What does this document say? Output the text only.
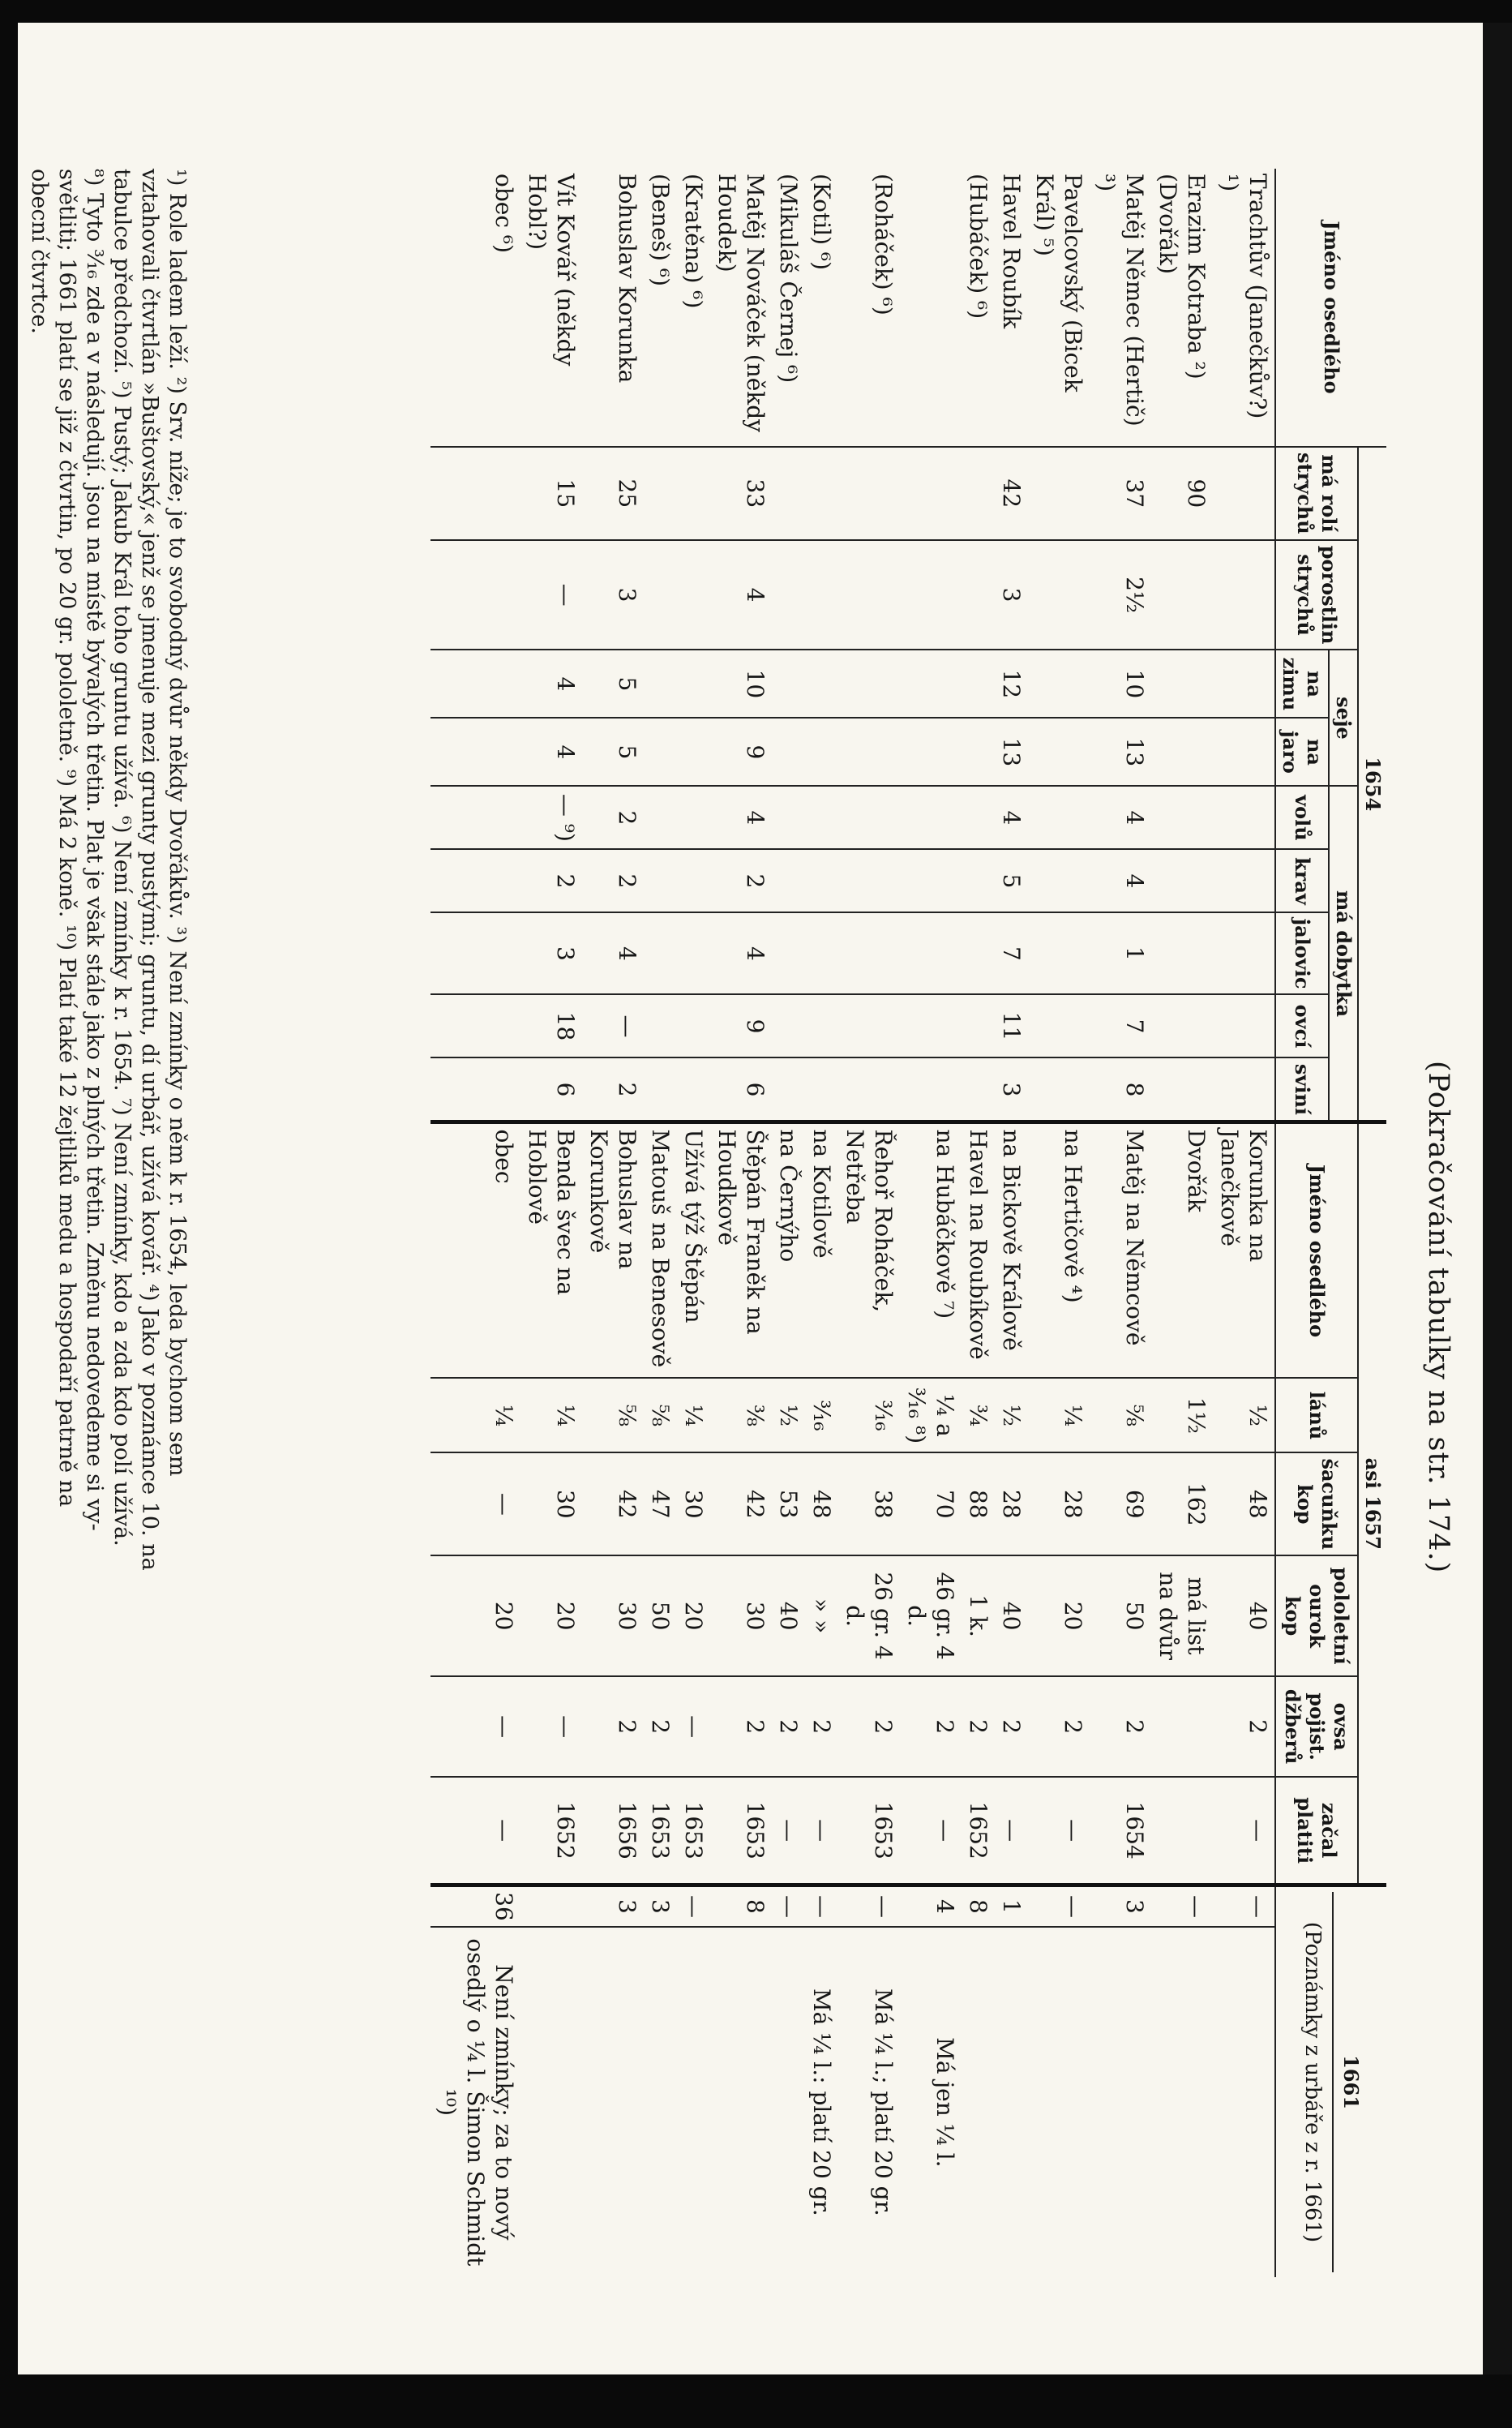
(Pokračování tabulky na str. 174.)
Jméno osedlého	1654									asi 1657						1661
(Poznámky z urbáře z r. 1661)	

	má rolí strychů	porostlin strychů	seje		má dobytka					Jméno osedlého	lánů	šacuňku kop	pololetní ourok kop	ovsa pojist. džberů	začal platiti		
			na zimu	na jaro	volů	krav	jalovic	ovcí	sviní								
Trachtův (Janečkův?) ¹)										Korunka na Janečkově	½	48	40	2	—	—	
Erazim Kotraba ²) (Dvořák)	90									Dvořák	1½	162	má list na dvůr			—	
Matěj Němec (Hertič) ³)	37	2½	10	13	4	4	1	7	8	Matěj na Němcově	⅝	69	50	2	1654	3	
Pavelcovský (Bicek Král) ⁵)										na Hertičově ⁴)	¼	28	20	2	—	—	
Havel Roubík	42	3	12	13	4	5	7	11	3	na Bickově Králově	½	28	40	2	—	1	
(Hubáček) ⁶)										Havel na Roubíkově	¾	88	1 k.	2	1652	8	
										na Hubáčkově ⁷)	¼ a ³⁄₁₆ ⁸)	70	46 gr. 4 d.	2	—	4	Má jen ¼ l.
(Roháček) ⁶)										Řehoř Roháček, Netřeba	³⁄₁₆	38	26 gr. 4 d.	2	1653	—	Má ¼ l.; platí 20 gr.
(Kotil) ⁶)										na Kotilově	³⁄₁₆	48	» »	2	—	—	Má ¼ l.: platí 20 gr.
(Mikuláš Černej ⁶)										na Černýho	½	53	40	2	—	—	
Matěj Nováček (někdy Houdek)	33	4	10	9	4	2	4	9	6	Štěpán Franěk na Houdkově	⅜	42	30	2	1653	8	
(Kratěna) ⁶)										Užívá týž Štěpán	¼	30	20	—	1653	—	
(Beneš) ⁶)										Matouš na Benesově	⅝	47	50	2	1653	3	
Bohuslav Korunka	25	3	5	5	2	2	4	—	2	Bohuslav na Korunkově	⅝	42	30	2	1656	3	
Vít Kovář (někdy Hobl?)	15	—	4	4	— ⁹)	2	3	18	6	Benda švec na Hoblově	¼	30	20	—	1652		
obec ⁶)										obec	¼	—	20	—	—	36	Není zmínky; za to nový osedlý o ¼ l. Šimon Schmidt ¹⁰)

¹) Role ladem leží. ²) Srv. níže; je to svobodný dvůr někdy Dvořákův. ³) Není zmínky o něm k r. 1654, leda bychom sem

vztahovali čtvrtlán »Buštovský,« jenž se jmenuje mezi grunty pustými; gruntu, dí urbář, užívá kovář. ⁴) Jako v poznámce 10. na

tabulce předchozí. ⁵) Pustý; Jakub Král toho gruntu užívá. ⁶) Není zmínky k r. 1654. ⁷) Není zmínky, kdo a zda kdo polí užívá.

⁸) Tyto ³⁄₁₆ zde a v následují. jsou na místě bývalých třetin. Plat je však stále jako z plných třetin. Změnu nedovedeme si vy-

světliti; 1661 platí se již z čtvrtin, po 20 gr. pololetně. ⁹) Má 2 koně. ¹⁰) Platí také 12 žejtliků medu a hospodaří patrně na

obecní čtvrtce.
